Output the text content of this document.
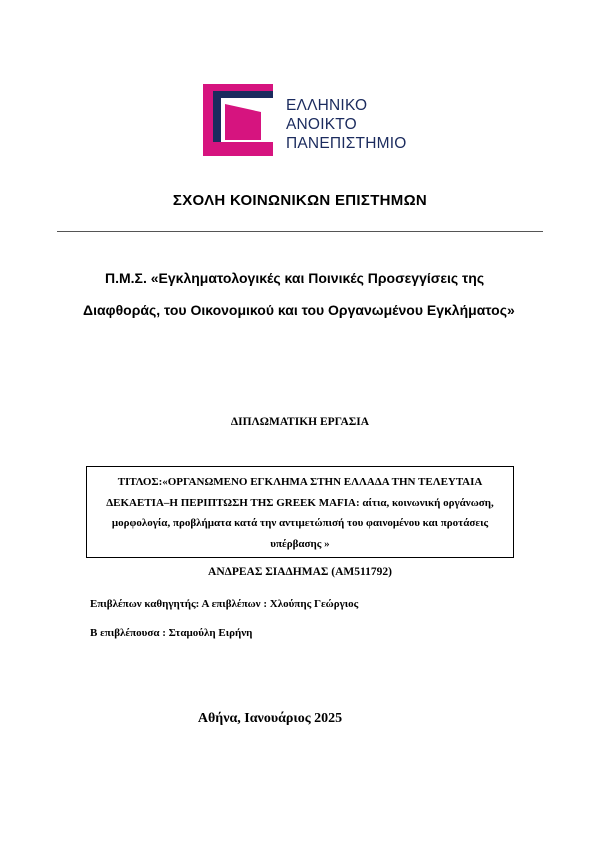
ΕΛΛΗΝΙΚΟ
ΑΝΟΙΚΤΟ
ΠΑΝΕΠΙΣΤΗΜΙΟ
ΣΧΟΛΗ ΚΟΙΝΩΝΙΚΩΝ ΕΠΙΣΤΗΜΩΝ
Π.Μ.Σ. «Εγκληματολογικές και Ποινικές Προσεγγίσεις της
Διαφθοράς, του Οικονομικού και του Οργανωμένου Εγκλήματος»
ΔΙΠΛΩΜΑΤΙΚΗ ΕΡΓΑΣΙΑ
ΤΙΤΛΟΣ:«ΟΡΓΑΝΩΜΕΝΟ ΕΓΚΛΗΜΑ ΣΤΗΝ ΕΛΛΑΔΑ ΤΗΝ ΤΕΛΕΥΤΑΙΑ ΔΕΚΑΕΤΙΑ–Η ΠΕΡΙΠΤΩΣΗ ΤΗΣ GREEK MAFIA: αίτια, κοινωνική οργάνωση, μορφολογία, προβλήματα κατά την αντιμετώπισή του φαινομένου και προτάσεις υπέρβασης »
ΑΝΔΡΕΑΣ ΣΙΑΔΗΜΑΣ (ΑΜ511792)
Επιβλέπων καθηγητής: Α επιβλέπων : Χλούπης Γεώργιος
Β επιβλέπουσα : Σταμούλη Ειρήνη
Αθήνα, Ιανουάριος 2025
